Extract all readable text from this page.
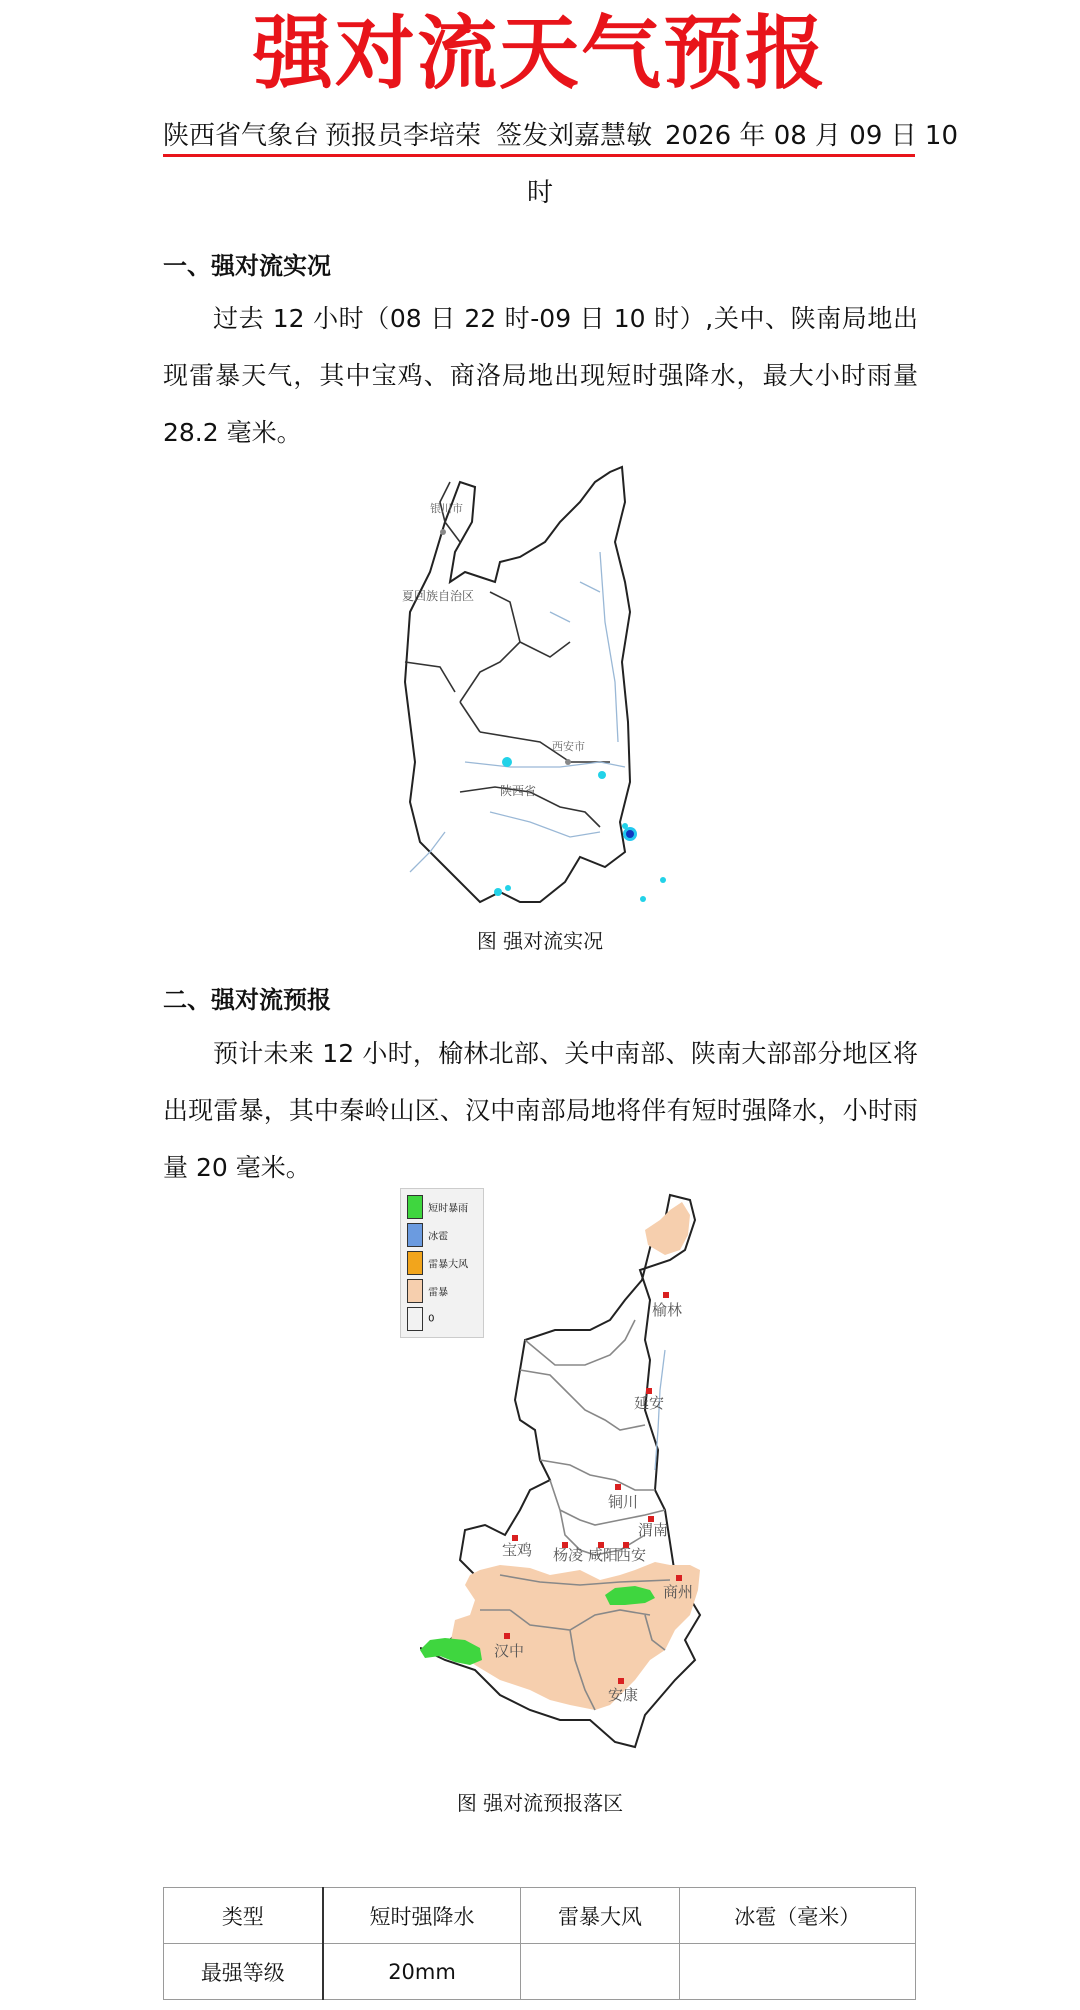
强对流天气预报
陕西省气象台 预报员李培荣 签发刘嘉慧敏 2026 年 08 月 09 日 10
时
一、强对流实况
过去 12 小时（08 日 22 时-09 日 10 时）,关中、陕南局地出现雷暴天气，其中宝鸡、商洛局地出现短时强降水，最大小时雨量 28.2 毫米。
银川市
夏回族自治区
西安市
陕西省
图 强对流实况
二、强对流预报
预计未来 12 小时，榆林北部、关中南部、陕南大部部分地区将出现雷暴，其中秦岭山区、汉中南部局地将伴有短时强降水，小时雨量 20 毫米。
短时暴雨
冰雹
雷暴大风
雷暴
0	榆林
延安
铜川
渭南
宝鸡 杨凌 咸阳
西安
商州
汉中
安康
图 强对流预报落区
类型	短时强降水	雷暴大风	冰雹（毫米）
最强等级	20mm		
